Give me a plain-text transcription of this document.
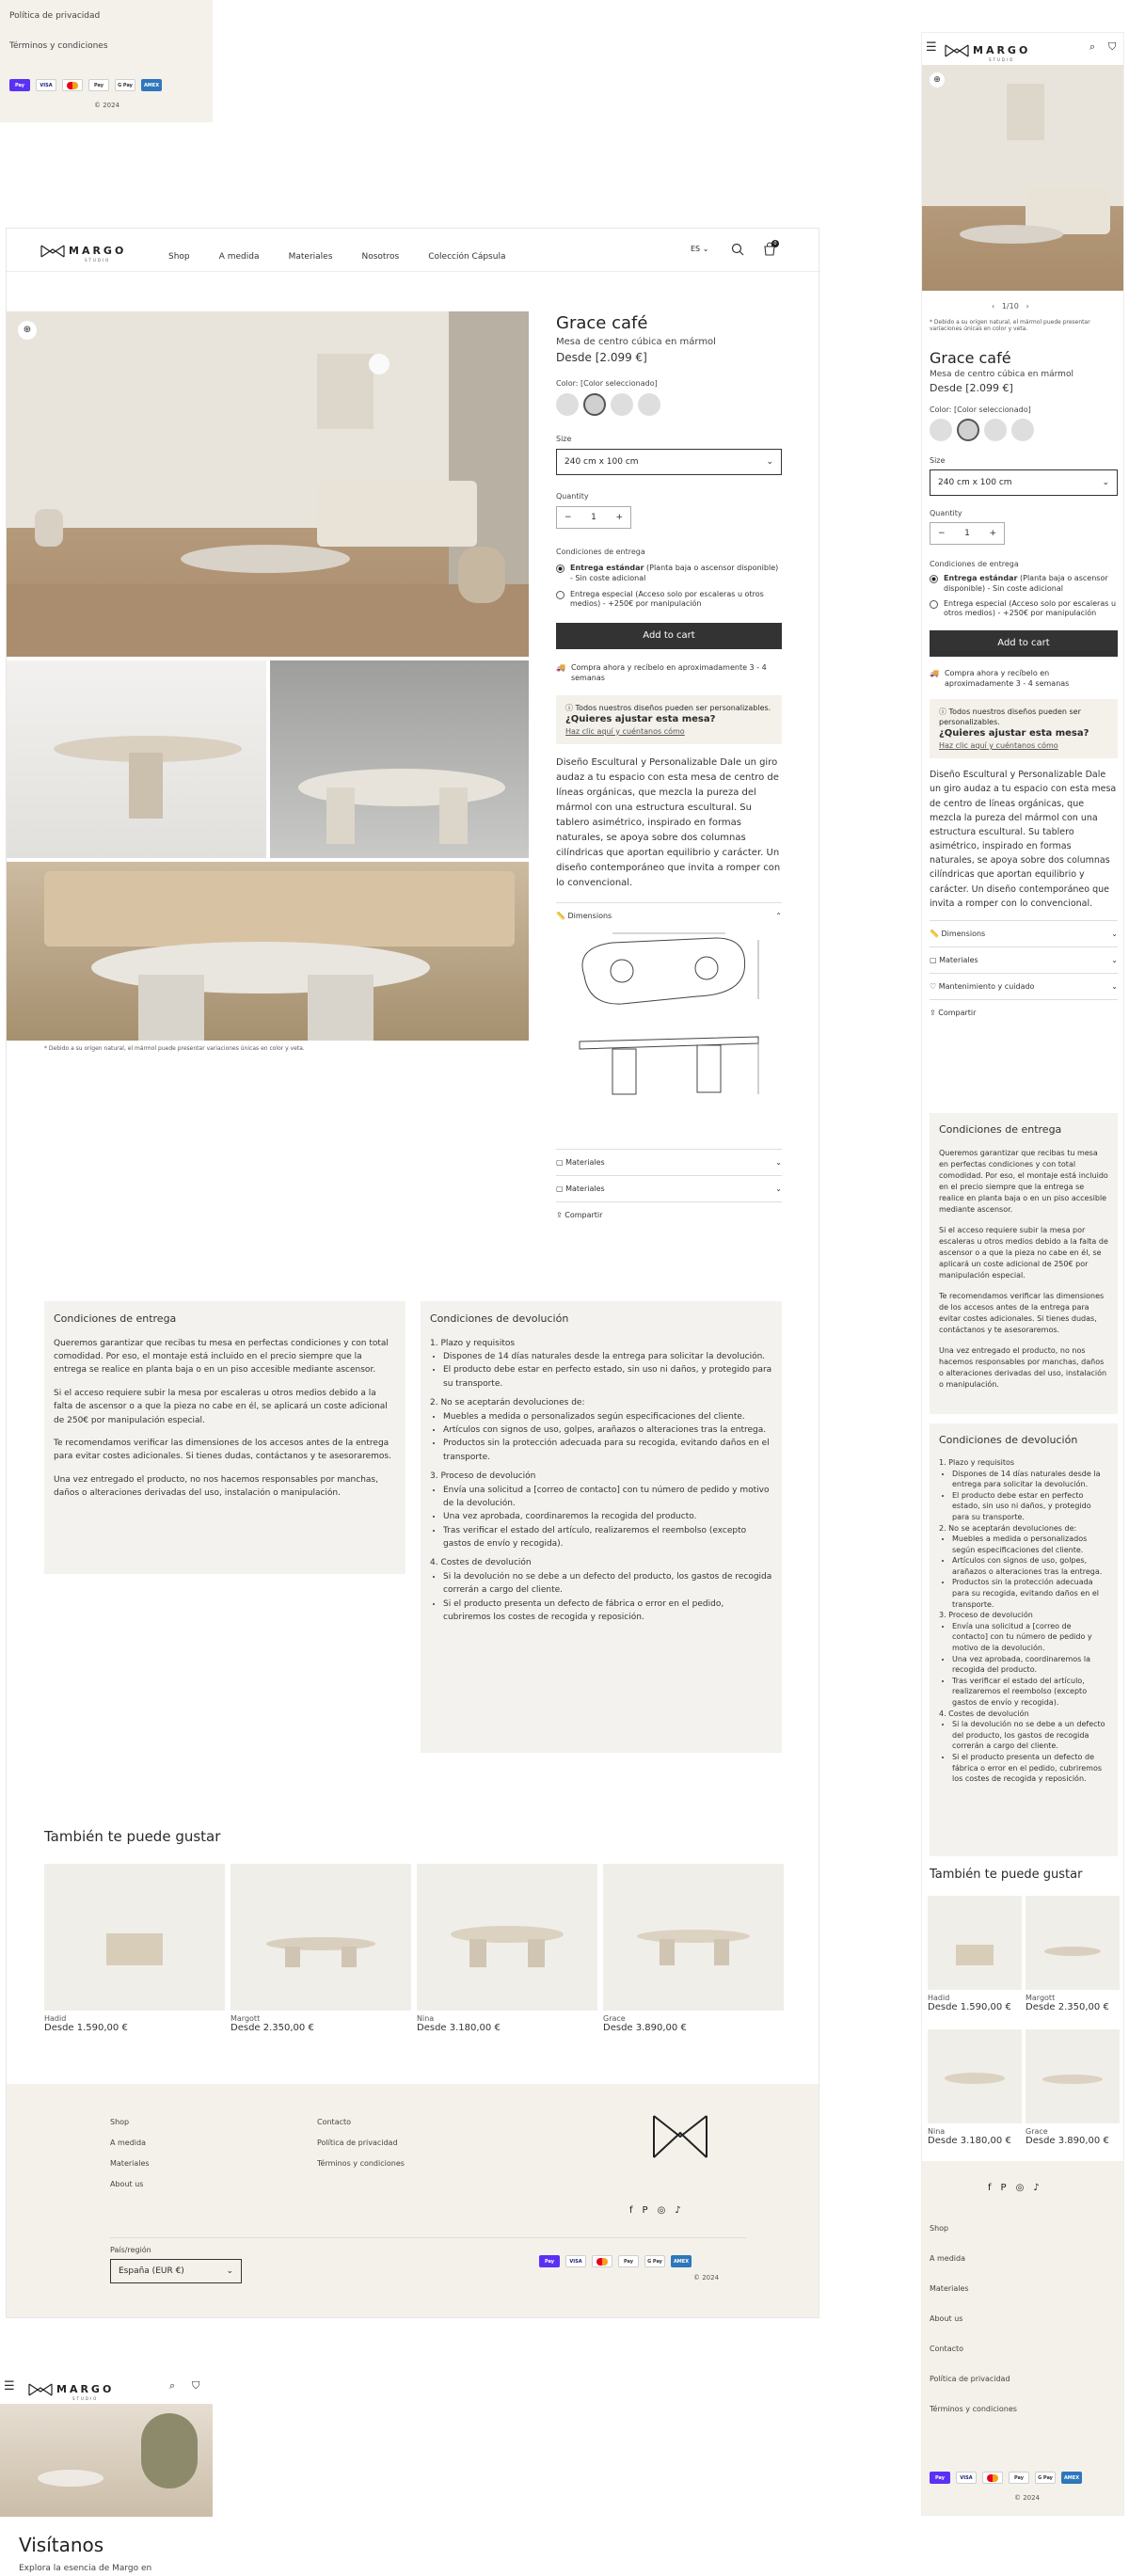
Política de privacidad
Términos y condiciones
Pay	VISA	Pay	G Pay	AMEX
© 2024
MARGO
STUDIO	Shop	A medida	Materiales	Nosotros	Colección Cápsula
ES ⌄
0
⊕
* Debido a su origen natural, el mármol puede presentar variaciones únicas en color y veta.
Grace café
Mesa de centro cúbica en mármol
Desde [2.099 €]
Color: [Color seleccionado]
Size
240 cm x 100 cm	⌄
Quantity
− 1 +
Condiciones de entrega
Entrega estándar (Planta baja o ascensor disponible) - Sin coste adicional
Entrega especial (Acceso solo por escaleras u otros medios) - +250€ por manipulación
Add to cart
🚚 Compra ahora y recíbelo en aproximadamente 3 - 4 semanas
ⓘ Todos nuestros diseños pueden ser personalizables.
¿Quieres ajustar esta mesa?
Haz clic aquí y cuéntanos cómo
Diseño Escultural y Personalizable Dale un giro audaz a tu espacio con esta mesa de centro de líneas orgánicas, que mezcla la pureza del mármol con una estructura escultural. Su tablero asimétrico, inspirado en formas naturales, se apoya sobre dos columnas cilíndricas que aportan equilibrio y carácter. Un diseño contemporáneo que invita a romper con lo convencional.
📏 Dimensions	⌃
▢ Materiales	⌄
▢ Materiales	⌄
⇪ Compartir
Condiciones de entrega

Queremos garantizar que recibas tu mesa en perfectas condiciones y con total comodidad. Por eso, el montaje está incluido en el precio siempre que la entrega se realice en planta baja o en un piso accesible mediante ascensor.

Si el acceso requiere subir la mesa por escaleras u otros medios debido a la falta de ascensor o a que la pieza no cabe en él, se aplicará un coste adicional de 250€ por manipulación especial.

Te recomendamos verificar las dimensiones de los accesos antes de la entrega para evitar costes adicionales. Si tienes dudas, contáctanos y te asesoraremos.

Una vez entregado el producto, no nos hacemos responsables por manchas, daños o alteraciones derivadas del uso, instalación o manipulación.

Condiciones de devolución
1. Plazo y requisitos
• Dispones de 14 días naturales desde la entrega para solicitar la devolución.
• El producto debe estar en perfecto estado, sin uso ni daños, y protegido para su transporte.
2. No se aceptarán devoluciones de:
• Muebles a medida o personalizados según especificaciones del cliente.
• Artículos con signos de uso, golpes, arañazos o alteraciones tras la entrega.
• Productos sin la protección adecuada para su recogida, evitando daños en el transporte.
3. Proceso de devolución
• Envía una solicitud a [correo de contacto] con tu número de pedido y motivo de la devolución.
• Una vez aprobada, coordinaremos la recogida del producto.
• Tras verificar el estado del artículo, realizaremos el reembolso (excepto gastos de envío y recogida).
4. Costes de devolución
• Si la devolución no se debe a un defecto del producto, los gastos de recogida correrán a cargo del cliente.
• Si el producto presenta un defecto de fábrica o error en el pedido, cubriremos los costes de recogida y reposición.
También te puede gustar
Hadid
Desde 1.590,00 €
Margott
Desde 2.350,00 €
Nina
Desde 3.180,00 €
Grace
Desde 3.890,00 €
Shop
A medida
Materiales
About us
Contacto
Política de privacidad
Términos y condiciones
f P ◎ ♪
País/región
España (EUR €)	⌄
Pay	VISA	Pay	G Pay	AMEX
© 2024
☰	MARGO
STUDIO
⌕ ⛉
⊕
‹ 1/10 ›
* Debido a su origen natural, el mármol puede presentar variaciones únicas en color y veta.
Grace café
Mesa de centro cúbica en mármol
Desde [2.099 €]
Color: [Color seleccionado]
Size
240 cm x 100 cm	⌄
Quantity
− 1 +
Condiciones de entrega
Entrega estándar (Planta baja o ascensor disponible) - Sin coste adicional
Entrega especial (Acceso solo por escaleras u otros medios) - +250€ por manipulación
Add to cart
🚚 Compra ahora y recíbelo en aproximadamente 3 - 4 semanas
ⓘ Todos nuestros diseños pueden ser personalizables.
¿Quieres ajustar esta mesa?
Haz clic aquí y cuéntanos cómo
Diseño Escultural y Personalizable Dale un giro audaz a tu espacio con esta mesa de centro de líneas orgánicas, que mezcla la pureza del mármol con una estructura escultural. Su tablero asimétrico, inspirado en formas naturales, se apoya sobre dos columnas cilíndricas que aportan equilibrio y carácter. Un diseño contemporáneo que invita a romper con lo convencional.
📏 Dimensions	⌄
▢ Materiales	⌄
♡ Mantenimiento y cuidado	⌄
⇪ Compartir
Condiciones de entrega

Queremos garantizar que recibas tu mesa en perfectas condiciones y con total comodidad. Por eso, el montaje está incluido en el precio siempre que la entrega se realice en planta baja o en un piso accesible mediante ascensor.

Si el acceso requiere subir la mesa por escaleras u otros medios debido a la falta de ascensor o a que la pieza no cabe en él, se aplicará un coste adicional de 250€ por manipulación especial.

Te recomendamos verificar las dimensiones de los accesos antes de la entrega para evitar costes adicionales. Si tienes dudas, contáctanos y te asesoraremos.

Una vez entregado el producto, no nos hacemos responsables por manchas, daños o alteraciones derivadas del uso, instalación o manipulación.

Condiciones de devolución
1. Plazo y requisitos
• Dispones de 14 días naturales desde la entrega para solicitar la devolución.
• El producto debe estar en perfecto estado, sin uso ni daños, y protegido para su transporte.
2. No se aceptarán devoluciones de:
• Muebles a medida o personalizados según especificaciones del cliente.
• Artículos con signos de uso, golpes, arañazos o alteraciones tras la entrega.
• Productos sin la protección adecuada para su recogida, evitando daños en el transporte.
3. Proceso de devolución
• Envía una solicitud a [correo de contacto] con tu número de pedido y motivo de la devolución.
• Una vez aprobada, coordinaremos la recogida del producto.
• Tras verificar el estado del artículo, realizaremos el reembolso (excepto gastos de envío y recogida).
4. Costes de devolución
• Si la devolución no se debe a un defecto del producto, los gastos de recogida correrán a cargo del cliente.
• Si el producto presenta un defecto de fábrica o error en el pedido, cubriremos los costes de recogida y reposición.
También te puede gustar
Hadid
Desde 1.590,00 €
Margott
Desde 2.350,00 €
Nina
Desde 3.180,00 €
Grace
Desde 3.890,00 €
f P ◎ ♪
Shop
A medida
Materiales
About us
Contacto
Política de privacidad
Términos y condiciones
Pay	VISA	Pay	G Pay	AMEX
© 2024
☰	MARGO
STUDIO
⌕ ⛉
Visítanos
Explora la esencia de Margo en
